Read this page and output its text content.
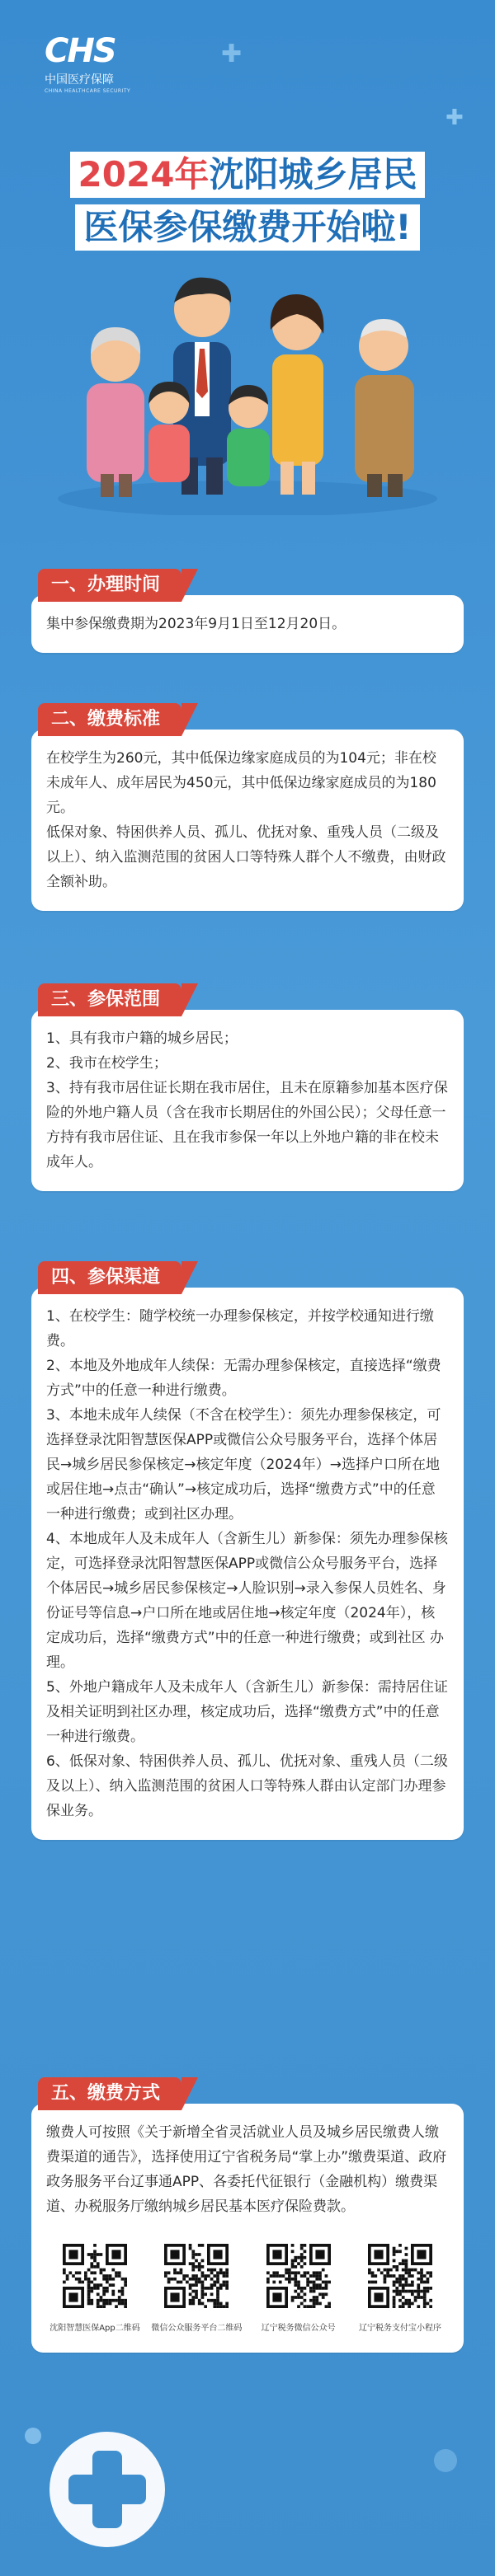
CHS
中国医疗保障
CHINA HEALTHCARE SECURITY
✚
✚
2024年沈阳城乡居民
医保参保缴费开始啦!
一、办理时间

集中参保缴费期为2023年9月1日至12月20日。

二、缴费标准

在校学生为260元，其中低保边缘家庭成员的为104元；非在校未成年人、成年居民为450元，其中低保边缘家庭成员的为180元。

低保对象、特困供养人员、孤儿、优抚对象、重残人员（二级及以上）、纳入监测范围的贫困人口等特殊人群个人不缴费，由财政全额补助。

三、参保范围

1、具有我市户籍的城乡居民；

2、我市在校学生；

3、持有我市居住证长期在我市居住，且未在原籍参加基本医疗保险的外地户籍人员（含在我市长期居住的外国公民）；父母任意一方持有我市居住证、且在我市参保一年以上外地户籍的非在校未成年人。

四、参保渠道

1、在校学生：随学校统一办理参保核定，并按学校通知进行缴费。

2、本地及外地成年人续保：无需办理参保核定，直接选择“缴费方式”中的任意一种进行缴费。

3、本地未成年人续保（不含在校学生）：须先办理参保核定，可选择登录沈阳智慧医保APP或微信公众号服务平台，选择个体居民→城乡居民参保核定→核定年度（2024年）→选择户口所在地或居住地→点击“确认”→核定成功后，选择“缴费方式”中的任意一种进行缴费；或到社区办理。

4、本地成年人及未成年人（含新生儿）新参保：须先办理参保核定，可选择登录沈阳智慧医保APP或微信公众号服务平台，选择个体居民→城乡居民参保核定→人脸识别→录入参保人员姓名、身份证号等信息→户口所在地或居住地→核定年度（2024年），核定成功后，选择“缴费方式”中的任意一种进行缴费；或到社区 办理。

5、外地户籍成年人及未成年人（含新生儿）新参保：需持居住证及相关证明到社区办理，核定成功后，选择“缴费方式”中的任意一种进行缴费。

6、低保对象、特困供养人员、孤儿、优抚对象、重残人员（二级及以上）、纳入监测范围的贫困人口等特殊人群由认定部门办理参保业务。

五、缴费方式

缴费人可按照《关于新增全省灵活就业人员及城乡居民缴费人缴费渠道的通告》，选择使用辽宁省税务局“掌上办”缴费渠道、政府政务服务平台辽事通APP、各委托代征银行（金融机构）缴费渠道、办税服务厅缴纳城乡居民基本医疗保险费款。

沈阳智慧医保App二维码	微信公众服务平台二维码	辽宁税务微信公众号	辽宁税务支付宝小程序
